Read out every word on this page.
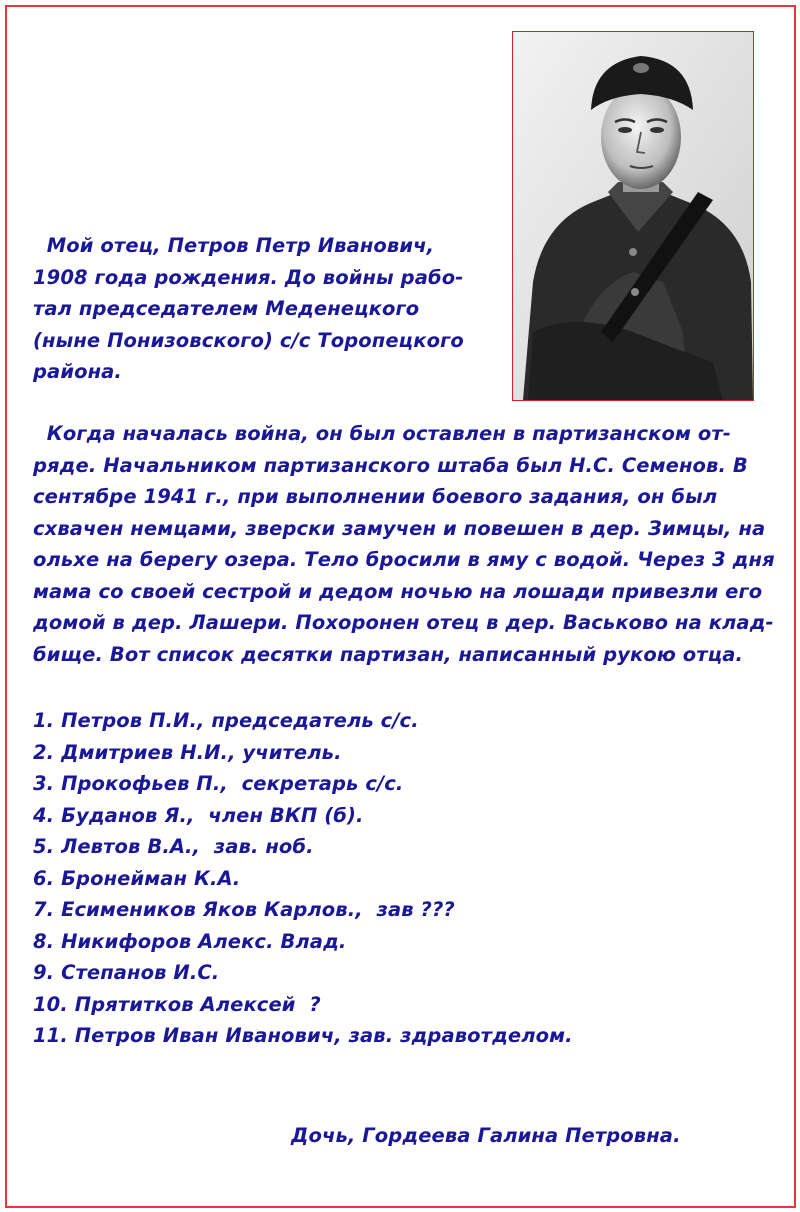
Мой отец, Петров Петр Иванович,
1908 года рождения. До войны рабо-
тал председателем Меденецкого
(ныне Понизовского) с/с Торопецкого
района.
Когда началась война, он был оставлен в партизанском от-
ряде. Начальником партизанского штаба был Н.С. Семенов. В
сентябре 1941 г., при выполнении боевого задания, он был
схвачен немцами, зверски замучен и повешен в дер. Зимцы, на
ольхе на берегу озера. Тело бросили в яму с водой. Через 3 дня
мама со своей сестрой и дедом ночью на лошади привезли его
домой в дер. Лашери. Похоронен отец в дер. Васьково на клад-
бище. Вот список десятки партизан, написанный рукою отца.
1. Петров П.И., председатель с/с.
2. Дмитриев Н.И., учитель.
3. Прокофьев П.,  секретарь с/с.
4. Буданов Я.,  член ВКП (б).
5. Левтов В.А.,  зав. ноб.
6. Бронейман К.А.
7. Есимеников Яков Карлов.,  зав ???
8. Никифоров Алекс. Влад.
9. Степанов И.С.
10. Прятитков Алексей  ?
11. Петров Иван Иванович, зав. здравотделом.
Дочь, Гордеева Галина Петровна.
